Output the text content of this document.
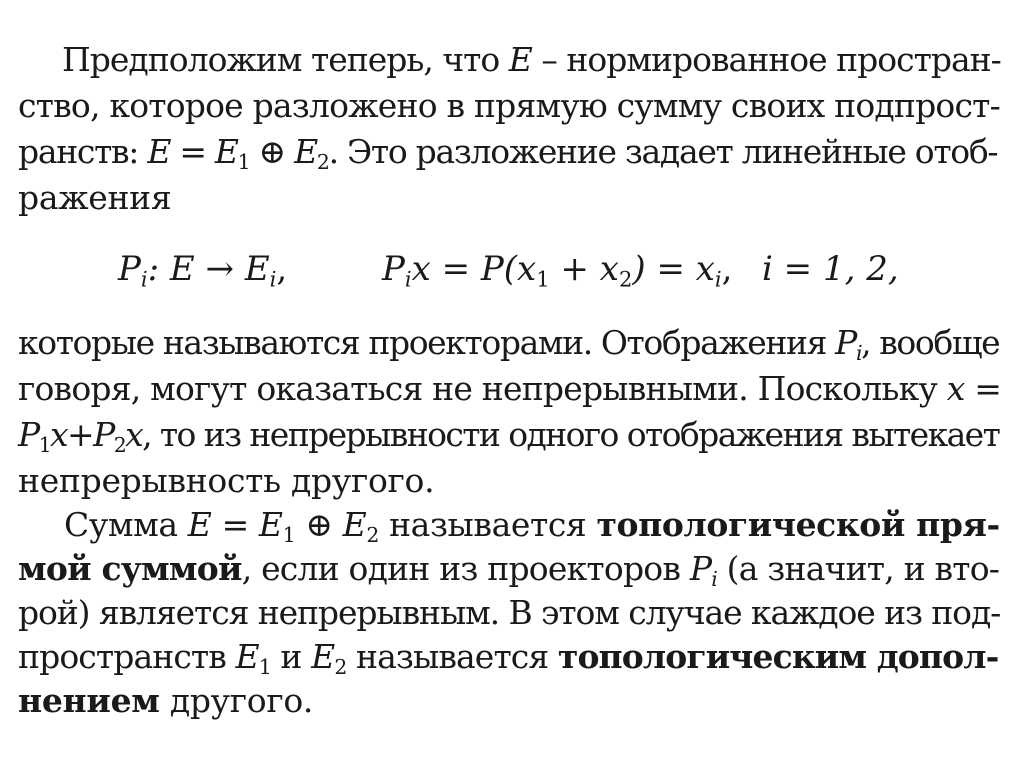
Предположим теперь, что E – нормированное простран-
ство, которое разложено в прямую сумму своих подпрост-
ранств: $E = E_1$ ⊕ $E_2$. Это разложение задает линейные отоб-
ражения
$P_i$: $E \to E_i$,	$P_ix = P(x_1 + x_2) = x_i$, i = 1, 2,
которые называются проекторами. Отображения $P_i$, вообще
говоря, могут оказаться не непрерывными. Поскольку x =
$P_1x+P_2x$, то из непрерывности одного отображения вытекает
непрерывность другого.
Сумма $E = E_1$ ⊕ $E_2$ называется топологической пря-
мой суммой, если один из проекторов $P_i$ (а значит, и вто-
рой) является непрерывным. В этом случае каждое из под-
пространств $E_1$ и $E_2$ называется топологическим допол-
нением другого.
